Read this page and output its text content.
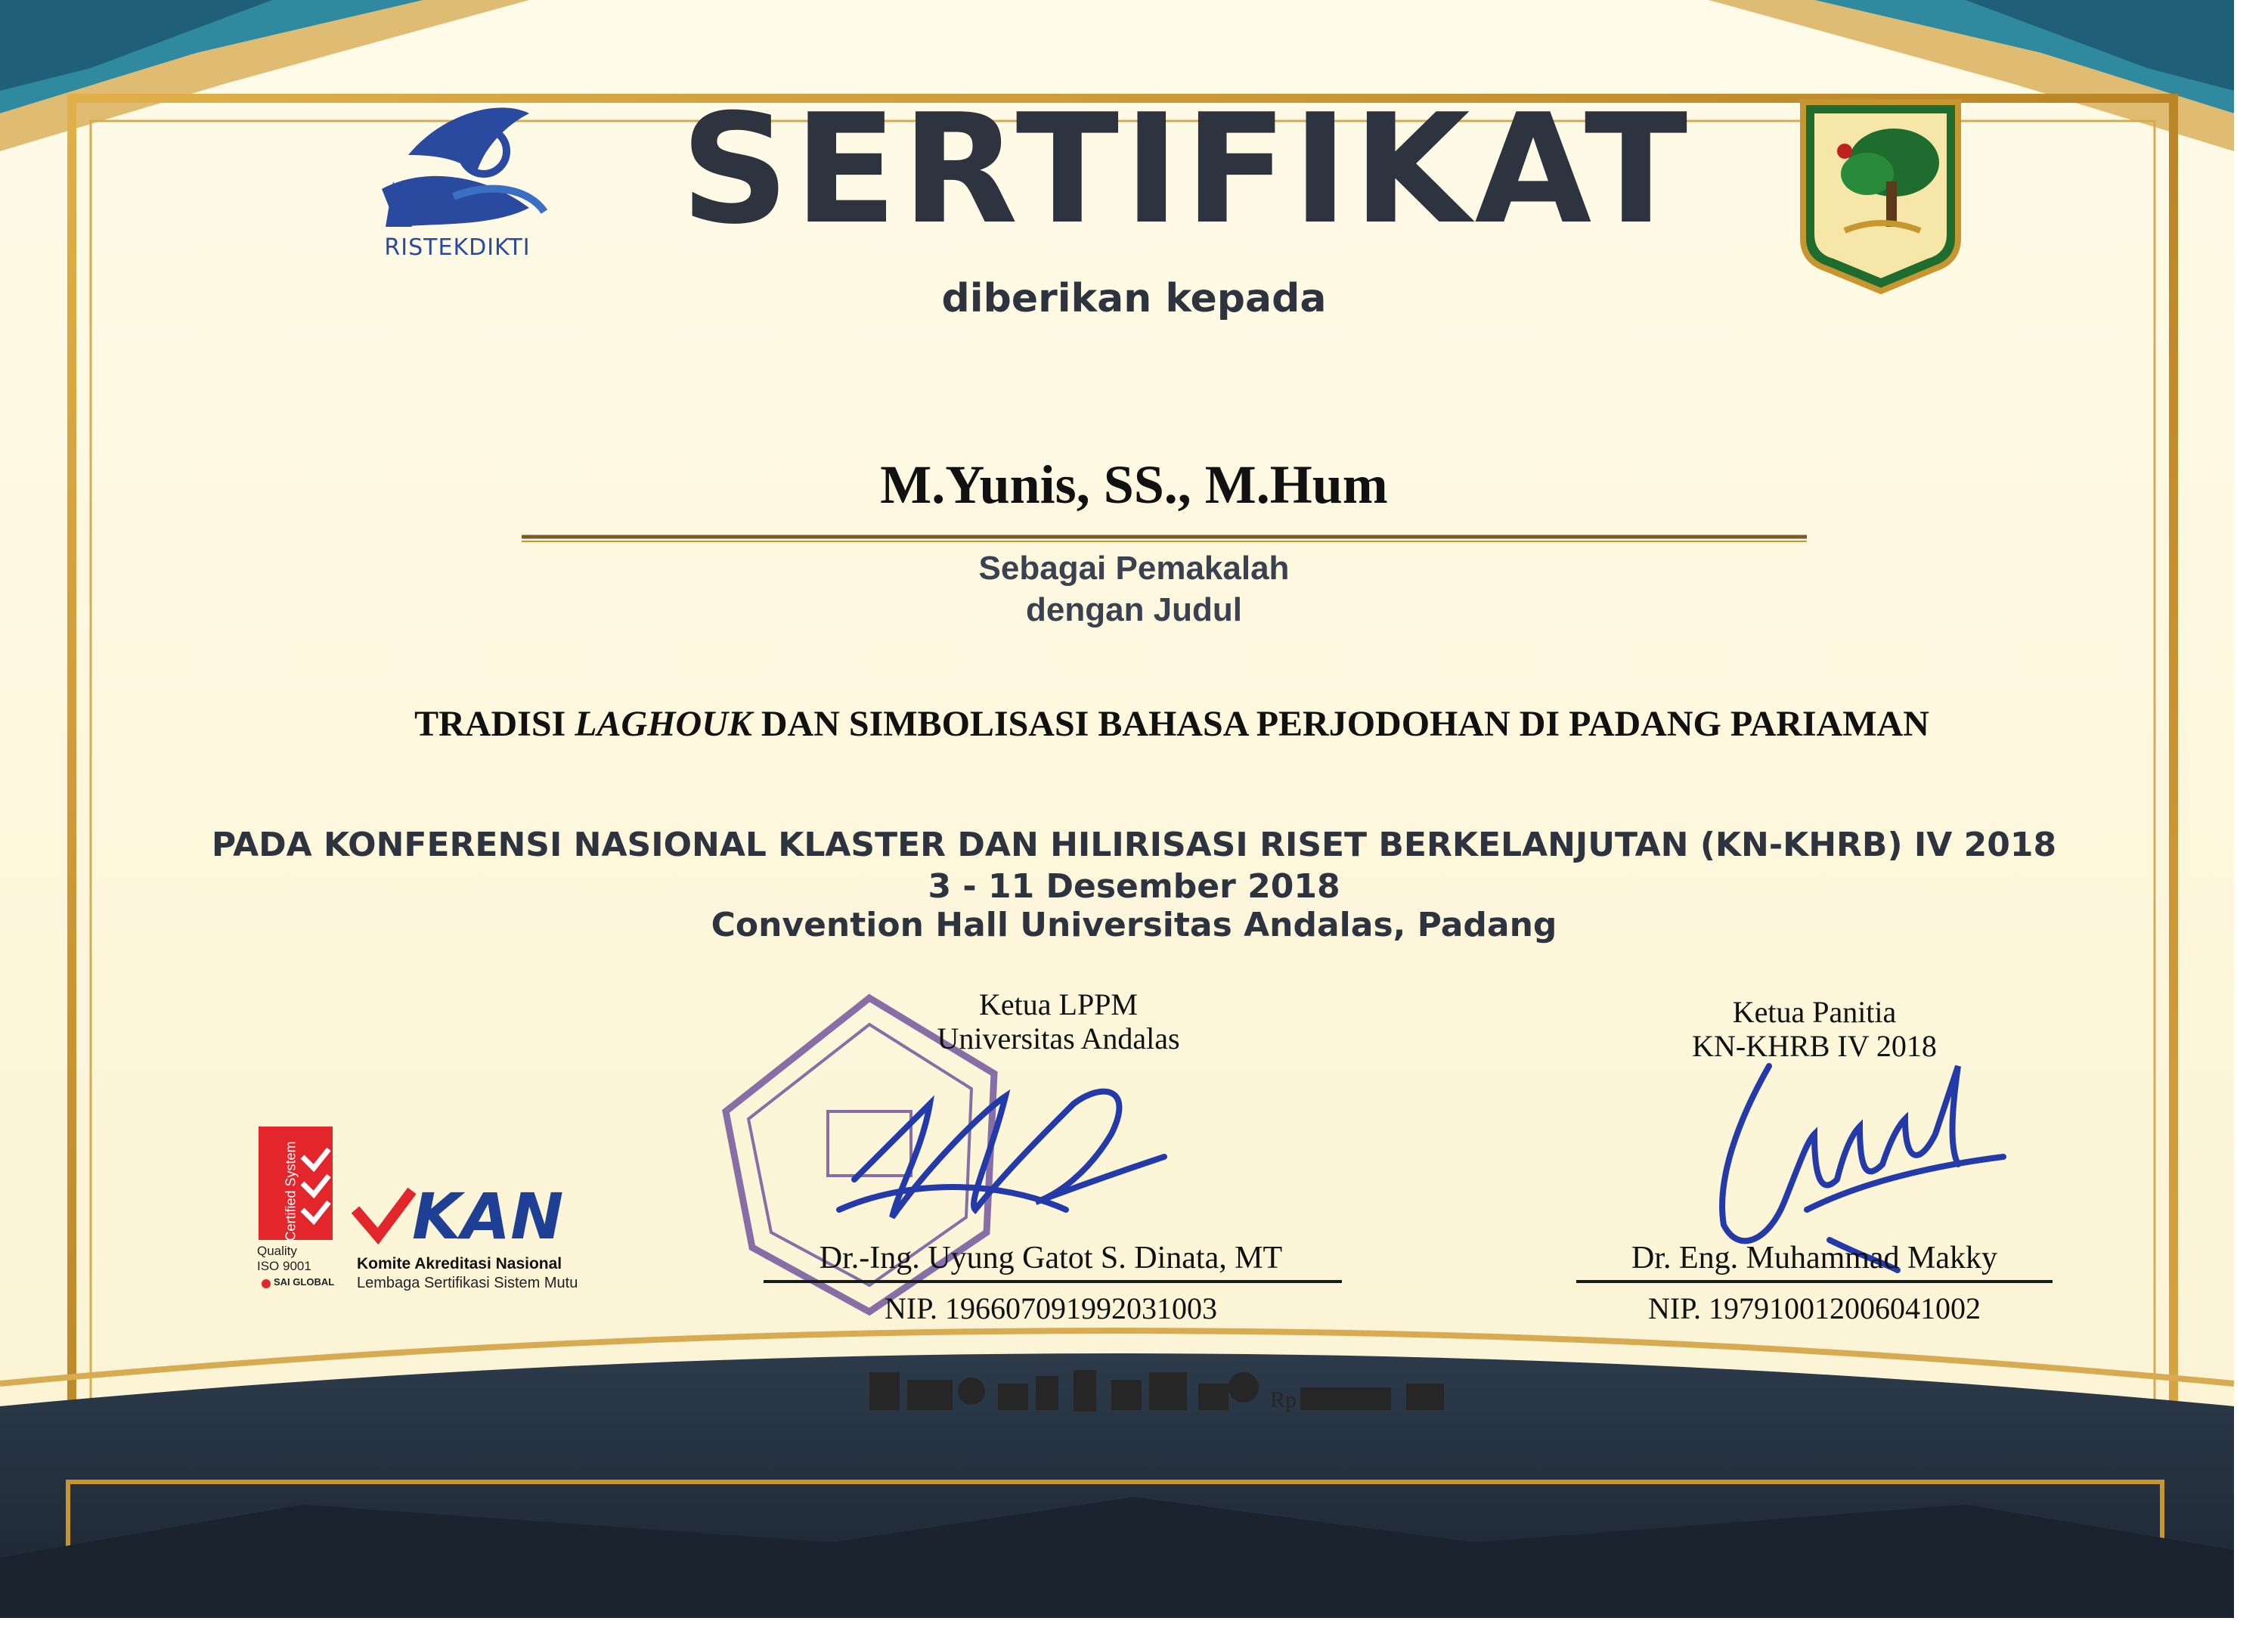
SERTIFIKAT
diberikan kepada
RISTEKDIKTI
M.Yunis, SS., M.Hum
Sebagai Pemakalah
dengan Judul
TRADISI LAGHOUK DAN SIMBOLISASI BAHASA PERJODOHAN DI PADANG PARIAMAN
PADA KONFERENSI NASIONAL KLASTER DAN HILIRISASI RISET BERKELANJUTAN (KN-KHRB) IV 2018
3 - 11 Desember 2018
Convention Hall Universitas Andalas, Padang
Ketua LPPM
Universitas Andalas
Dr.-Ing. Uyung Gatot S. Dinata, MT
NIP. 196607091992031003
Ketua Panitia
KN-KHRB IV 2018
Dr. Eng. Muhammad Makky
NIP. 197910012006041002
Certified System
Quality
ISO 9001
SAI GLOBAL
KAN
Komite Akreditasi Nasional
Lembaga Sertifikasi Sistem Mutu
Rp
